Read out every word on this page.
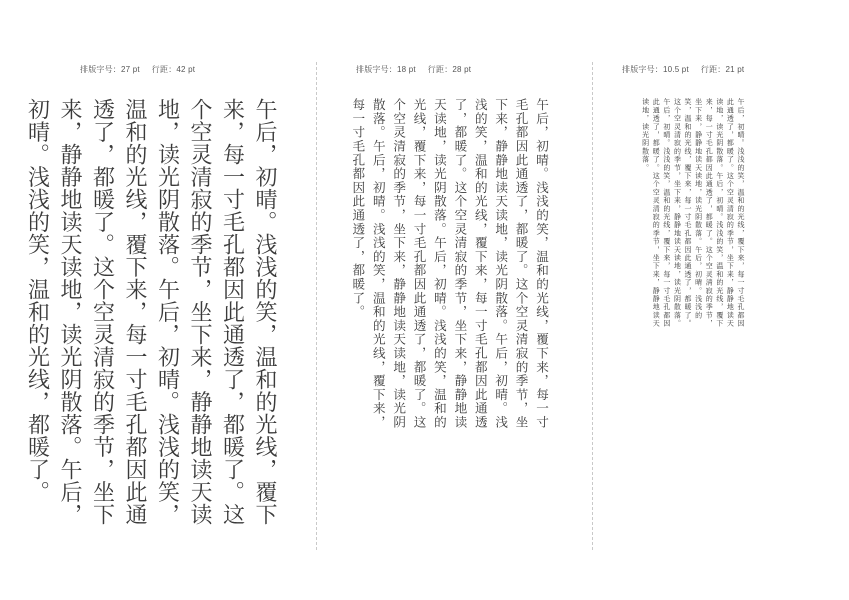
排版字号：27 pt 行距：42 pt	排版字号：18 pt 行距：28 pt	排版字号：10.5 pt 行距：21 pt
午后，初晴。浅浅的笑，温和的光线，覆下来，每一寸毛孔都因此通透了，都暖了。这个空灵清寂的季节，坐下来，静静地读天读地，读光阴散落。午后，初晴。浅浅的笑，温和的光线，覆下来，每一寸毛孔都因此通透了，都暖了。这个空灵清寂的季节，坐下来，静静地读天读地，读光阴散落。午后，初晴。浅浅的笑，温和的光线，都暖了。	午后，初晴。浅浅的笑，温和的光线，覆下来，每一寸毛孔都因此通透了，都暖了。这个空灵清寂的季节，坐下来，静静地读天读地，读光阴散落。午后，初晴。浅浅的笑，温和的光线，覆下来，每一寸毛孔都因此通透了，都暖了。这个空灵清寂的季节，坐下来，静静地读天读地，读光阴散落。午后，初晴。浅浅的笑，温和的光线，覆下来，每一寸毛孔都因此通透了，都暖了。这个空灵清寂的季节，坐下来，静静地读天读地，读光阴散落。午后，初晴。浅浅的笑，温和的光线，覆下来，每一寸毛孔都因此通透了，都暖了。	午后，初晴。浅浅的笑，温和的光线，覆下来，每一寸毛孔都因此通透了，都暖了。这个空灵清寂的季节，坐下来，静静地读天读地，读光阴散落。午后，初晴。浅浅的笑，温和的光线，覆下来，每一寸毛孔都因此通透了，都暖了。这个空灵清寂的季节，坐下来，静静地读天读地，读光阴散落。午后，初晴。浅浅的笑，温和的光线，覆下来，每一寸毛孔都因此通透了，都暖了。这个空灵清寂的季节，坐下来，静静地读天读地，读光阴散落。午后，初晴。浅浅的笑，温和的光线，覆下来，每一寸毛孔都因此通透了，都暖了。这个空灵清寂的季节，坐下来，静静地读天读地，读光阴散落。
